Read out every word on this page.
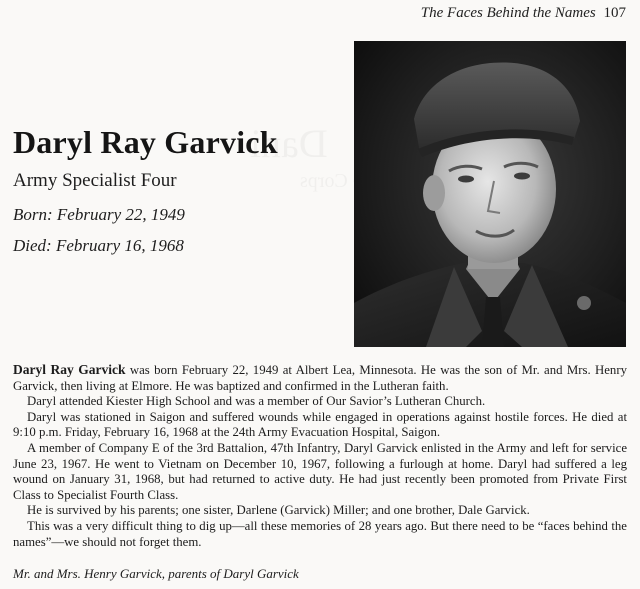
The Faces Behind the Names 107
Daryl Ray Garvick
Army Specialist Four
Born: February 22, 1949
Died: February 16, 1968

Daryl Ray Garvick was born February 22, 1949 at Albert Lea, Minnesota. He was the son of Mr. and Mrs. Henry Garvick, then living at Elmore. He was baptized and confirmed in the Lutheran faith.

Daryl attended Kiester High School and was a member of Our Savior’s Lutheran Church.

Daryl was stationed in Saigon and suffered wounds while engaged in operations against hostile forces. He died at 9:10 p.m. Friday, February 16, 1968 at the 24th Army Evacuation Hospital, Saigon.

A member of Company E of the 3rd Battalion, 47th Infantry, Daryl Garvick enlisted in the Army and left for service June 23, 1967. He went to Vietnam on December 10, 1967, following a furlough at home. Daryl had suffered a leg wound on January 31, 1968, but had returned to active duty. He had just recently been promoted from Private First Class to Specialist Fourth Class.

He is survived by his parents; one sister, Darlene (Garvick) Miller; and one brother, Dale Garvick.

This was a very difficult thing to dig up—all these memories of 28 years ago. But there need to be “faces behind the names”—we should not forget them.

Mr. and Mrs. Henry Garvick, parents of Daryl Garvick
